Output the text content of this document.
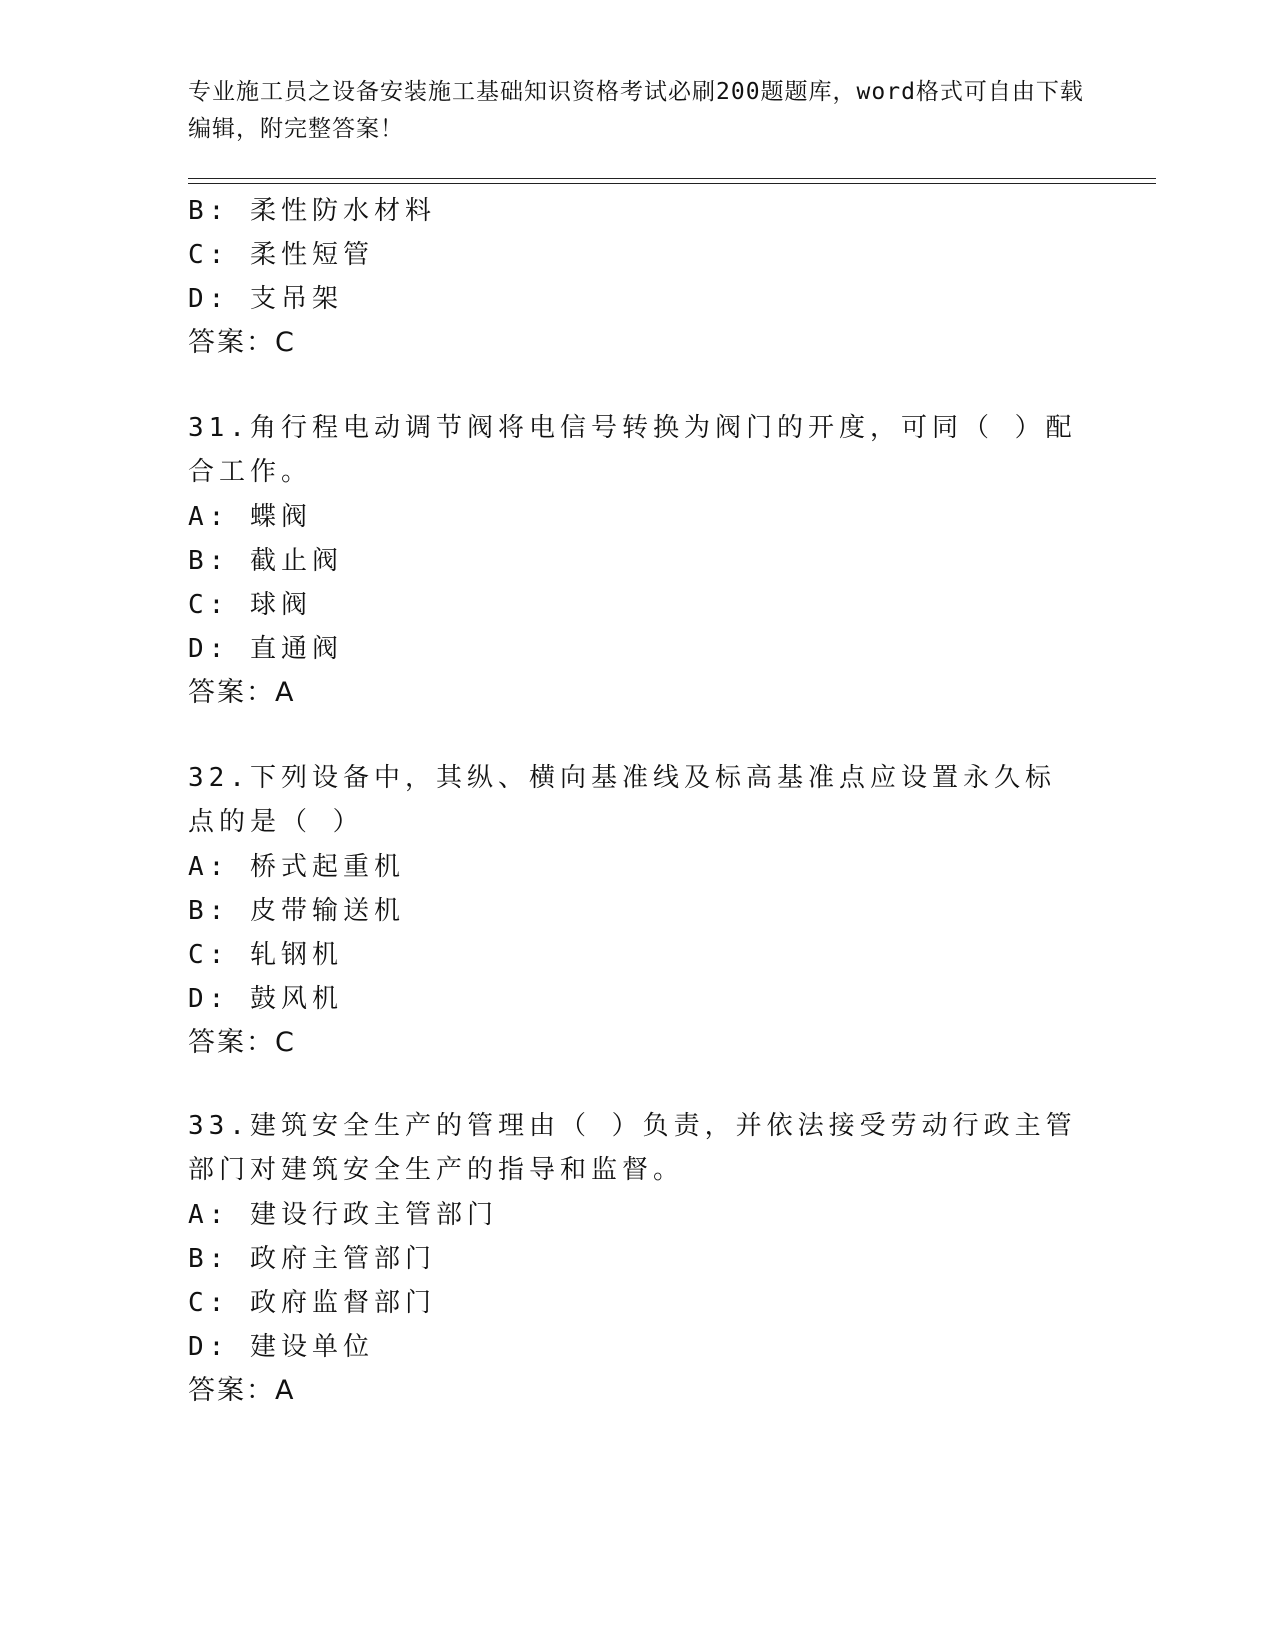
专业施工员之设备安装施工基础知识资格考试必刷200题题库，word格式可自由下载编辑，附完整答案！
B: 柔性防水材料
C: 柔性短管
D: 支吊架
答案：C
31.角行程电动调节阀将电信号转换为阀门的开度，可同（ ）配合工作。
A: 蝶阀
B: 截止阀
C: 球阀
D: 直通阀
答案：A
32.下列设备中，其纵、横向基准线及标高基准点应设置永久标点的是（ ）
A: 桥式起重机
B: 皮带输送机
C: 轧钢机
D: 鼓风机
答案：C
33.建筑安全生产的管理由（ ）负责，并依法接受劳动行政主管部门对建筑安全生产的指导和监督。
A: 建设行政主管部门
B: 政府主管部门
C: 政府监督部门
D: 建设单位
答案：A
